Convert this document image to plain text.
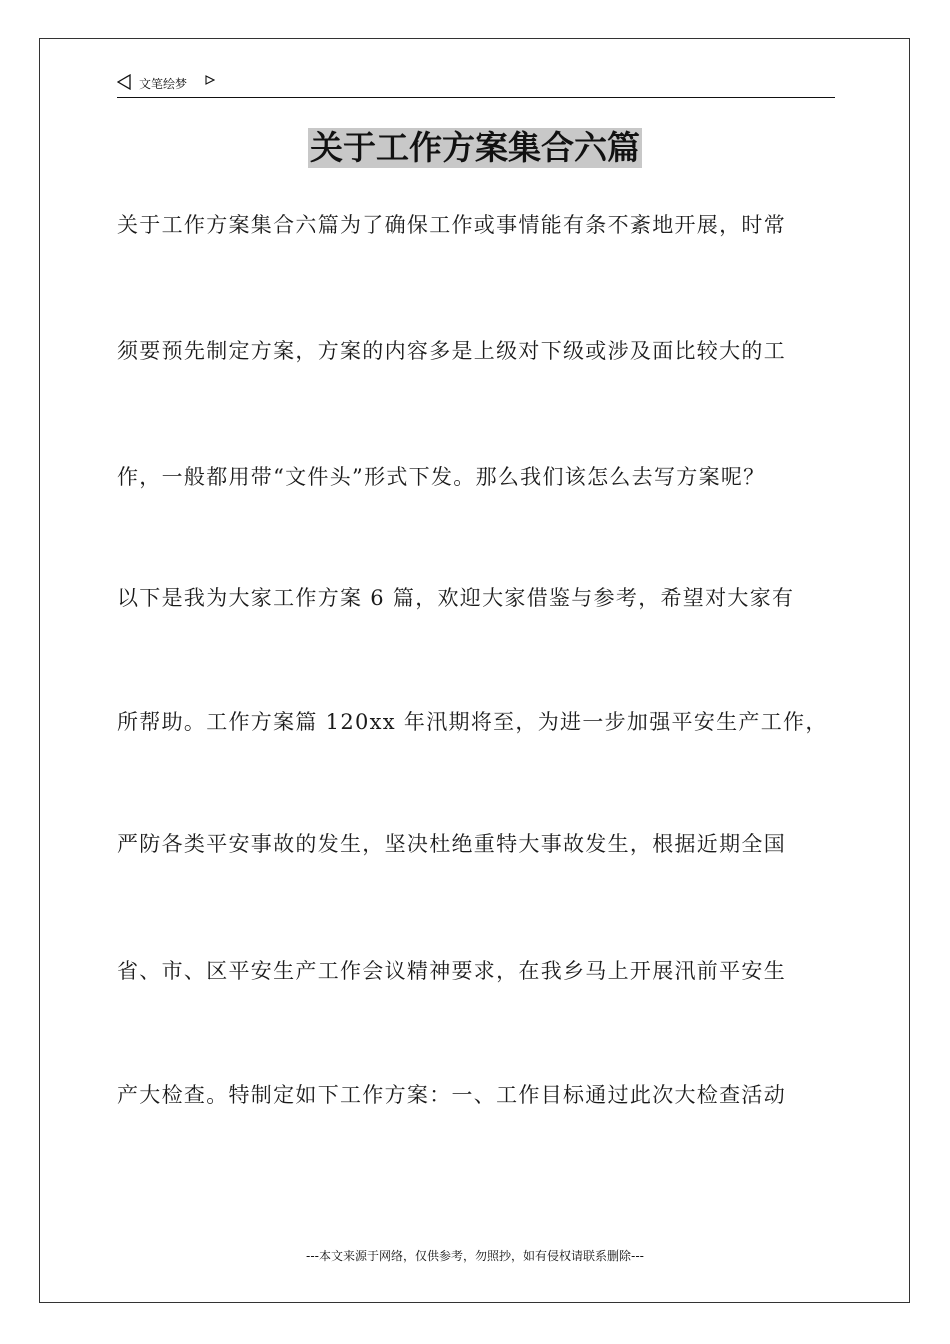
文笔绘梦
关于工作方案集合六篇
关于工作方案集合六篇为了确保工作或事情能有条不紊地开展，时常
须要预先制定方案，方案的内容多是上级对下级或涉及面比较大的工
作，一般都用带“文件头”形式下发。那么我们该怎么去写方案呢？
以下是我为大家工作方案 6 篇，欢迎大家借鉴与参考，希望对大家有
所帮助。工作方案篇 120xx 年汛期将至，为进一步加强平安生产工作，
严防各类平安事故的发生，坚决杜绝重特大事故发生，根据近期全国
省、市、区平安生产工作会议精神要求，在我乡马上开展汛前平安生
产大检查。特制定如下工作方案：一、工作目标通过此次大检查活动
---本文来源于网络，仅供参考，勿照抄，如有侵权请联系删除---
